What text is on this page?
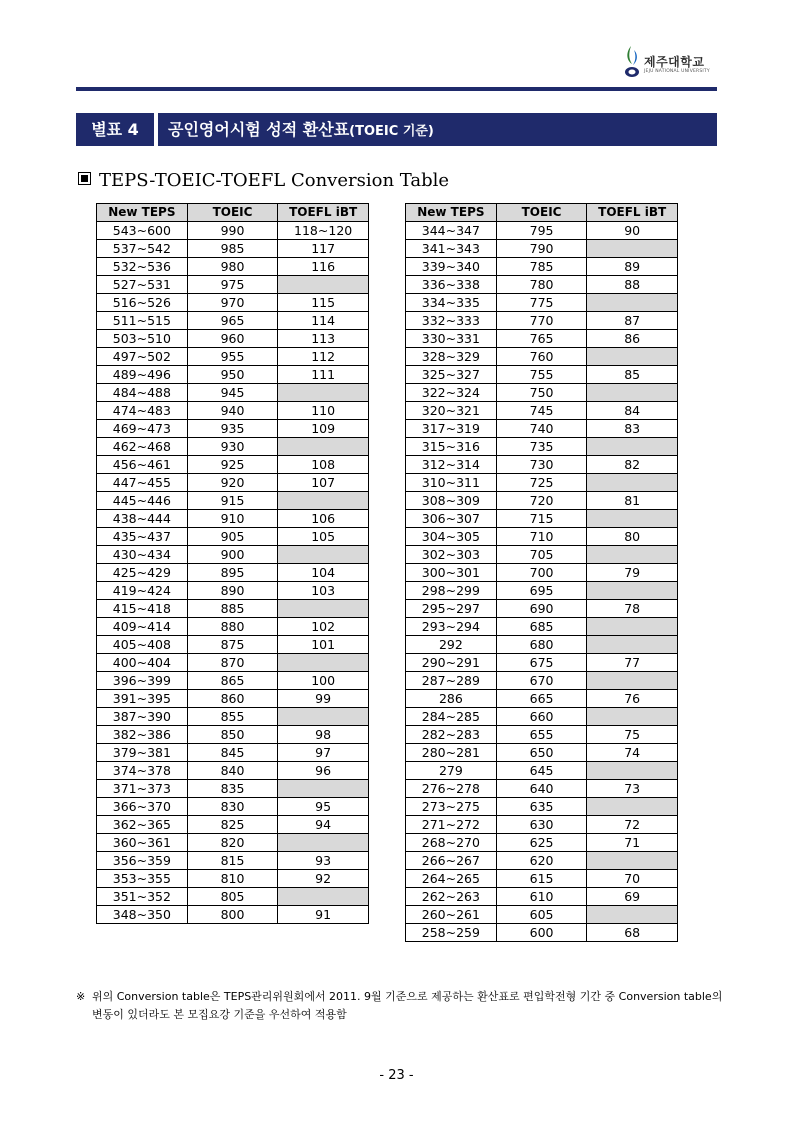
제주대학교
JEJU NATIONAL UNIVERSITY
별표 4	공인영어시험 성적 환산표(TOEIC 기준)
TEPS-TOEIC-TOEFL Conversion Table
New TEPS	TOEIC	TOEFL iBT
543~600	990	118~120
537~542	985	117
532~536	980	116
527~531	975	
516~526	970	115
511~515	965	114
503~510	960	113
497~502	955	112
489~496	950	111
484~488	945	
474~483	940	110
469~473	935	109
462~468	930	
456~461	925	108
447~455	920	107
445~446	915	
438~444	910	106
435~437	905	105
430~434	900	
425~429	895	104
419~424	890	103
415~418	885	
409~414	880	102
405~408	875	101
400~404	870	
396~399	865	100
391~395	860	99
387~390	855	
382~386	850	98
379~381	845	97
374~378	840	96
371~373	835	
366~370	830	95
362~365	825	94
360~361	820	
356~359	815	93
353~355	810	92
351~352	805	
348~350	800	91
New TEPS	TOEIC	TOEFL iBT
344~347	795	90
341~343	790	
339~340	785	89
336~338	780	88
334~335	775	
332~333	770	87
330~331	765	86
328~329	760	
325~327	755	85
322~324	750	
320~321	745	84
317~319	740	83
315~316	735	
312~314	730	82
310~311	725	
308~309	720	81
306~307	715	
304~305	710	80
302~303	705	
300~301	700	79
298~299	695	
295~297	690	78
293~294	685	
292	680	
290~291	675	77
287~289	670	
286	665	76
284~285	660	
282~283	655	75
280~281	650	74
279	645	
276~278	640	73
273~275	635	
271~272	630	72
268~270	625	71
266~267	620	
264~265	615	70
262~263	610	69
260~261	605	
258~259	600	68
※ 위의 Conversion table은 TEPS관리위원회에서 2011. 9월 기준으로 제공하는 환산표로 편입학전형 기간 중 Conversion table의 변동이 있더라도 본 모집요강 기준을 우선하여 적용함
- 23 -
